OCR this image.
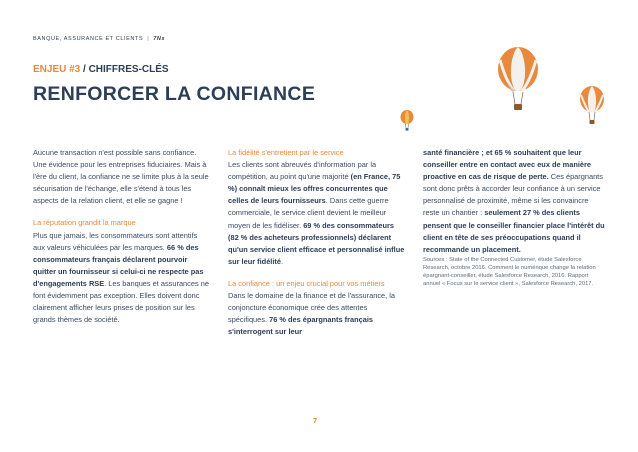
BANQUE, ASSURANCE ET CLIENTS | 7Ns
ENJEU #3 / CHIFFRES-CLÉS
RENFORCER LA CONFIANCE

Aucune transaction n'est possible sans confiance. Une évidence pour les entreprises fiduciaires. Mais à l'ère du client, la confiance ne se limite plus à la seule sécurisation de l'échange, elle s'étend à tous les aspects de la relation client, et elle se gagne !

La réputation grandit la marque

Plus que jamais, les consommateurs sont attentifs aux valeurs véhiculées par les marques. 66 % des consommateurs français déclarent pourvoir quitter un fournisseur si celui-ci ne respecte pas d'engagements RSE. Les banques et assurances ne font évidemment pas exception. Elles doivent donc clairement afficher leurs prises de position sur les grands thèmes de société.

La fidélité s'entretient par le service

Les clients sont abreuvés d'information par la compétition, au point qu'une majorité (en France, 75 %) connaît mieux les offres concurrentes que celles de leurs fournisseurs. Dans cette guerre commerciale, le service client devient le meilleur moyen de les fidéliser. 69 % des consommateurs (82 % des acheteurs professionnels) déclarent qu'un service client efficace et personnalisé influe sur leur fidélité.

La confiance : un enjeu crucial pour vos métiers

Dans le domaine de la finance et de l'assurance, la conjoncture économique crée des attentes spécifiques. 76 % des épargnants français s'interrogent sur leur

santé financière ; et 65 % souhaitent que leur conseiller entre en contact avec eux de manière proactive en cas de risque de perte. Ces épargnants sont donc prêts à accorder leur confiance à un service personnalisé de proximité, même si les convaincre reste un chantier : seulement 27 % des clients pensent que le conseiller financier place l'intérêt du client en tête de ses préoccupations quand il recommande un placement.

Sources : State of the Connected Customer, étude Salesforce Research, octobre 2016. Comment le numérique change la relation épargnant-conseiller, étude Salesforce Research, 2016. Rapport annuel « Focus sur le service client », Salesforce Research, 2017.

7
